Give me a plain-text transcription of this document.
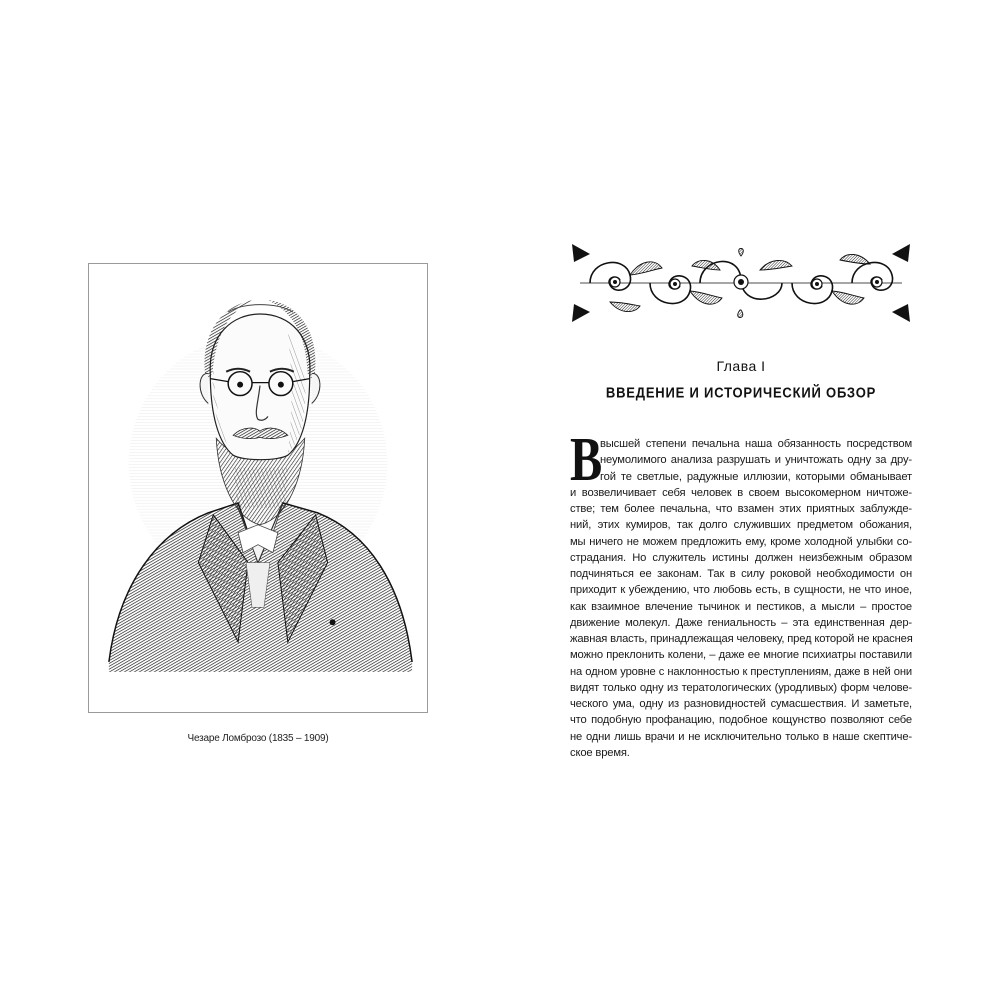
Чезаре Ломброзо (1835 – 1909)
Глава I
ВВЕДЕНИЕ И ИСТОРИЧЕСКИЙ ОБЗОР
В
высшей степени печальна наша обязанность посредством
неумолимого анализа разрушать и уничтожать одну за дру-
гой те светлые, радужные иллюзии, которыми обманывает
и возвеличивает себя человек в своем высокомерном ничтоже-
стве; тем более печальна, что взамен этих приятных заблужде-
ний, этих кумиров, так долго служивших предметом обожания,
мы ничего не можем предложить ему, кроме холодной улыбки со-
страдания. Но служитель истины должен неизбежным образом
подчиняться ее законам. Так в силу роковой необходимости он
приходит к убеждению, что любовь есть, в сущности, не что иное,
как взаимное влечение тычинок и пестиков, а мысли – простое
движение молекул. Даже гениальность – эта единственная дер-
жавная власть, принадлежащая человеку, пред которой не краснея
можно преклонить колени, – даже ее многие психиатры поставили
на одном уровне с наклонностью к преступлениям, даже в ней они
видят только одну из тератологических (уродливых) форм челове-
ческого ума, одну из разновидностей сумасшествия. И заметьте,
что подобную профанацию, подобное кощунство позволяют себе
не одни лишь врачи и не исключительно только в наше скептиче-
ское время.
